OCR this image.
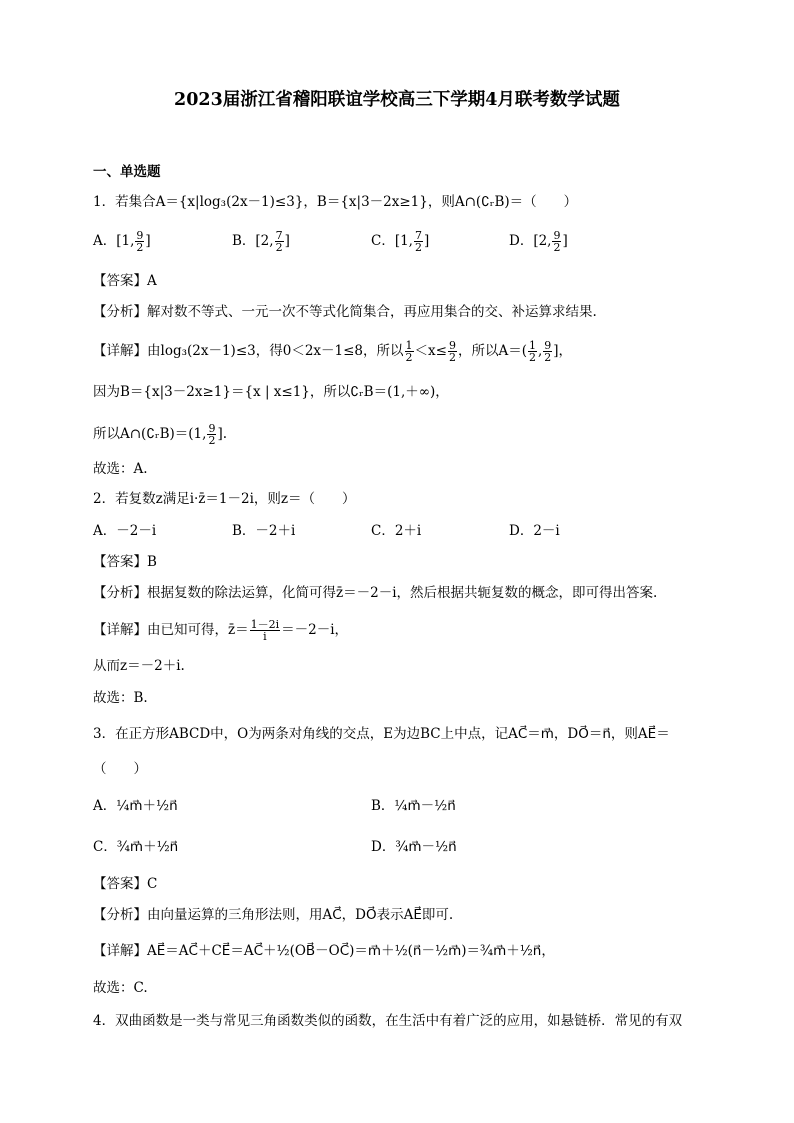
2023届浙江省稽阳联谊学校高三下学期4月联考数学试题
一、单选题
1．若集合A＝{x|log₃(2x－1)≤3}，B＝{x|3－2x≥1}，则A∩(∁ᵣB)＝（　　）
A．[1, $\frac{9}{2}$ ]	B．[2, $\frac{7}{2}$ ]	C．[1, $\frac{7}{2}$ ]	D．[2, $\frac{9}{2}$ ]
【答案】A
【分析】解对数不等式、一元一次不等式化简集合，再应用集合的交、补运算求结果.
【详解】由log₃(2x－1)≤3，得0＜2x－1≤8，所以 $\frac{1}{2} <x\le \frac{9}{2}$ ，所以$A=( \frac{1}{2}$ , $\frac{9}{2}$ ]，
因为B＝{x|3－2x≥1}＝{x | x≤1}，所以∁ᵣB＝(1,＋∞)，
所以A∩(∁ᵣB)＝(1, $\frac{9}{2}$ ].
故选：A.
2．若复数z满足i·z̄＝1－2i，则z＝（　　）
A．－2－i	B．－2＋i	C．2＋i	D．2－i
【答案】B
【分析】根据复数的除法运算，化简可得z̄＝－2－i，然后根据共轭复数的概念，即可得出答案.
【详解】由已知可得，z̄＝ $\frac{1-2i}{i} =-2-i$，
从而z＝－2＋i.
故选：B.
3．在正方形ABCD中，O为两条对角线的交点，E为边BC上中点，记AC⃗＝m⃗，DO⃗＝n⃗，则AE⃗＝
（　　）
A．¼m⃗＋½n⃗	B．¼m⃗－½n⃗
C．¾m⃗＋½n⃗	D．¾m⃗－½n⃗
【答案】C
【分析】由向量运算的三角形法则，用AC⃗，DO⃗表示AE⃗即可.
【详解】AE⃗＝AC⃗＋CE⃗＝AC⃗＋½(OB⃗－OC⃗)＝m⃗＋½(n⃗－½m⃗)＝¾m⃗＋½n⃗，
故选：C.
4．双曲函数是一类与常见三角函数类似的函数，在生活中有着广泛的应用，如悬链桥．常见的有双
